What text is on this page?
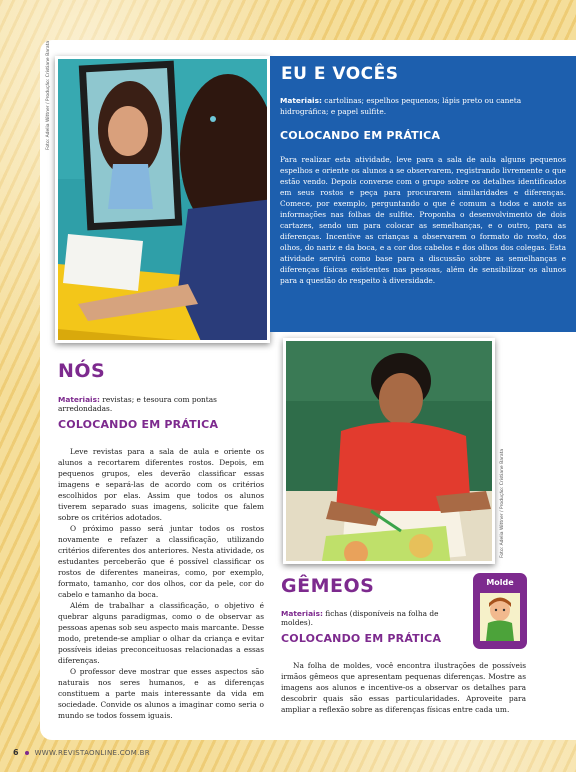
Foto: Adelia Wittner / Produção: Cristiane Barata	EU E VOCÊS
Materiais: cartolinas; espelhos pequenos; lápis preto ou caneta hidrográfica; e papel sulfite.
COLOCANDO EM PRÁTICA
Para realizar esta atividade, leve para a sala de aula alguns pequenos espelhos e oriente os alunos a se observarem, registrando livremente o que estão vendo. Depois converse com o grupo sobre os detalhes identificados em seus rostos e peça para procurarem similaridades e diferenças. Comece, por exemplo, perguntando o que é comum a todos e anote as informações nas folhas de sulfite. Proponha o desenvolvimento de dois cartazes, sendo um para colocar as semelhanças, e o outro, para as diferenças. Incentive as crianças a observarem o formato do rosto, dos olhos, do nariz e da boca, e a cor dos cabelos e dos olhos dos colegas. Esta atividade servirá como base para a discussão sobre as semelhanças e diferenças físicas existentes nas pessoas, além de sensibilizar os alunos para a questão do respeito à diversidade.
NÓS
Materiais: revistas; e tesoura com pontas arredondadas.
COLOCANDO EM PRÁTICA

Leve revistas para a sala de aula e oriente os alunos a recortarem diferentes rostos. Depois, em pequenos grupos, eles deverão classificar essas imagens e separá-las de acordo com os critérios escolhidos por elas. Assim que todos os alunos tiverem separado suas imagens, solicite que falem sobre os critérios adotados.

O próximo passo será juntar todos os rostos novamente e refazer a classificação, utilizando critérios diferentes dos anteriores. Nesta atividade, os estudantes perceberão que é possível classificar os rostos de diferentes maneiras, como, por exemplo, formato, tamanho, cor dos olhos, cor da pele, cor do cabelo e tamanho da boca.

Além de trabalhar a classificação, o objetivo é quebrar alguns paradigmas, como o de observar as pessoas apenas sob seu aspecto mais marcante. Desse modo, pretende-se ampliar o olhar da criança e evitar possíveis ideias preconceituosas relacionadas a essas diferenças.

O professor deve mostrar que esses aspectos são naturais nos seres humanos, e as diferenças constituem a parte mais interessante da vida em sociedade. Convide os alunos a imaginar como seria o mundo se todos fossem iguais.

Foto: Adelia Wittner / Produção: Cristiane Barata
GÊMEOS
Materiais: fichas (disponíveis na folha de moldes).
COLOCANDO EM PRÁTICA

Na folha de moldes, você encontra ilustrações de possíveis irmãos gêmeos que apresentam pequenas diferenças. Mostre as imagens aos alunos e incentive-os a observar os detalhes para descobrir quais são essas particularidades. Aproveite para ampliar a reflexão sobre as diferenças físicas entre cada um.

Molde
6 WWW.REVISTAONLINE.COM.BR
